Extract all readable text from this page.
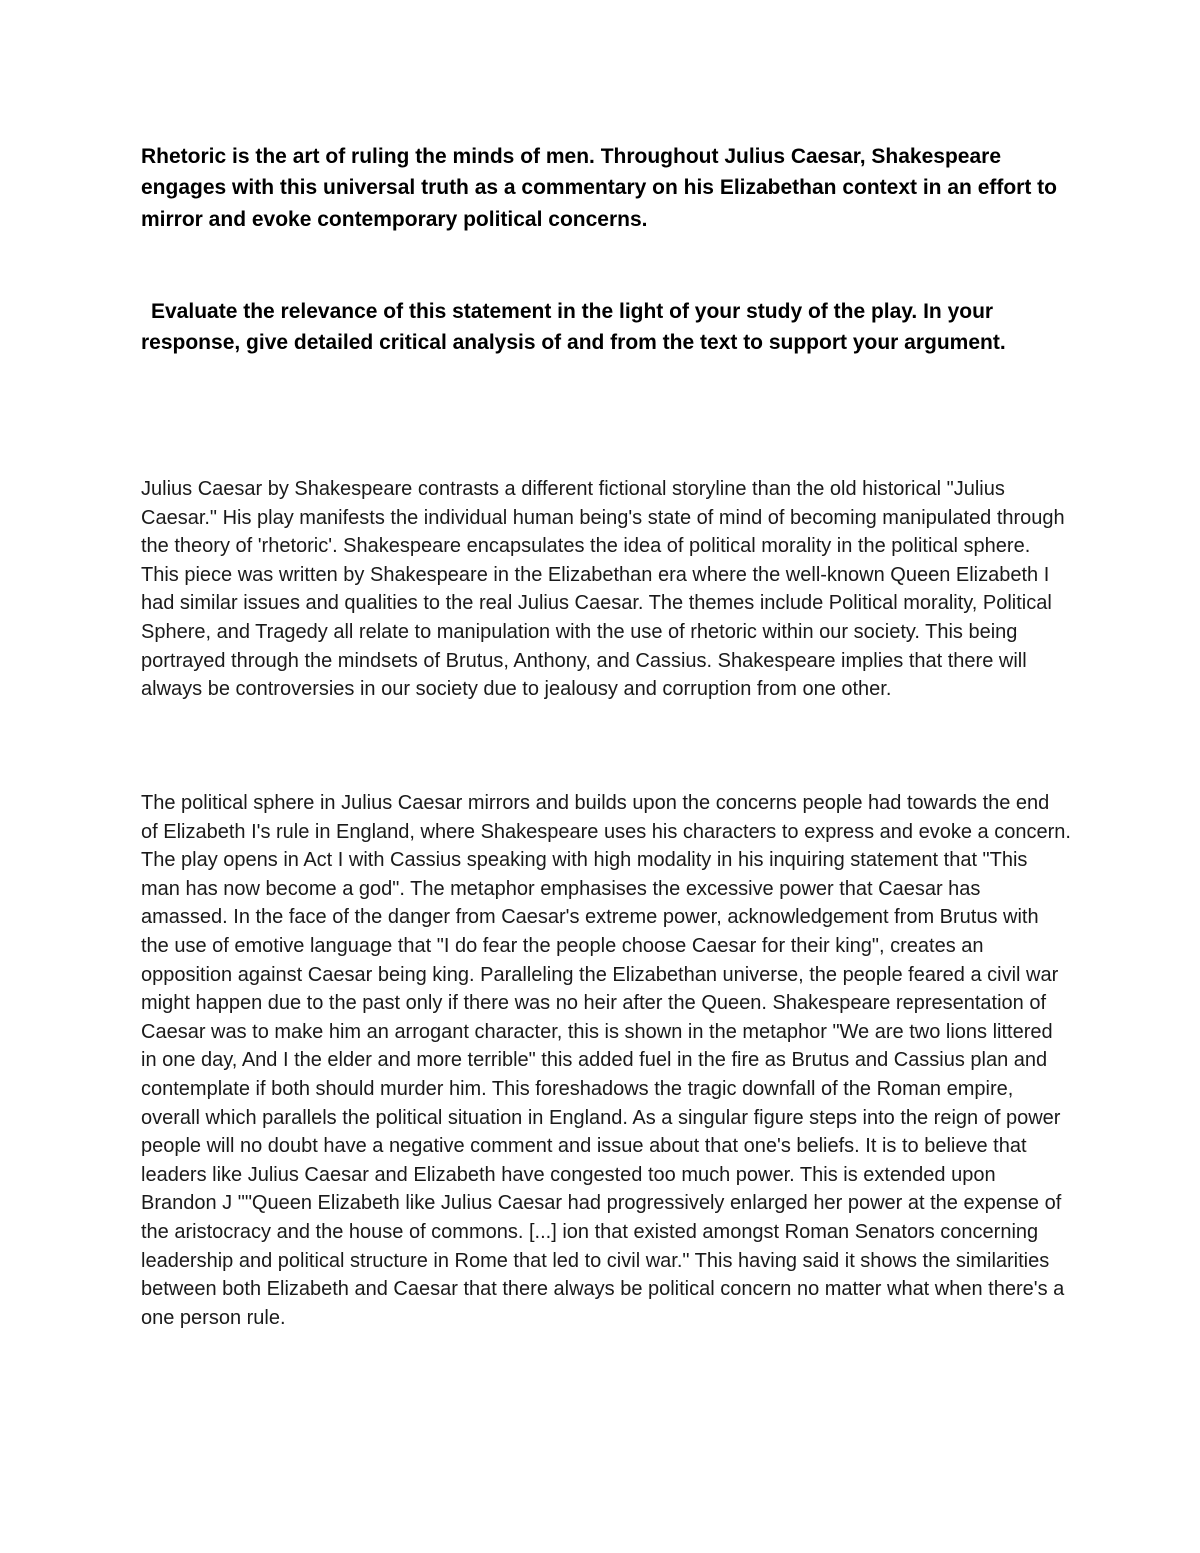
Rhetoric is the art of ruling the minds of men. Throughout Julius Caesar, Shakespeare engages with this universal truth as a commentary on his Elizabethan context in an effort to mirror and evoke contemporary political concerns.

Evaluate the relevance of this statement in the light of your study of the play. In your response, give detailed critical analysis of and from the text to support your argument.

Julius Caesar by Shakespeare contrasts a different fictional storyline than the old historical "Julius Caesar." His play manifests the individual human being's state of mind of becoming manipulated through the theory of 'rhetoric'. Shakespeare encapsulates the idea of political morality in the political sphere. This piece was written by Shakespeare in the Elizabethan era where the well-known Queen Elizabeth I had similar issues and qualities to the real Julius Caesar. The themes include Political morality, Political Sphere, and Tragedy all relate to manipulation with the use of rhetoric within our society. This being portrayed through the mindsets of Brutus, Anthony, and Cassius. Shakespeare implies that there will always be controversies in our society due to jealousy and corruption from one other.

The political sphere in Julius Caesar mirrors and builds upon the concerns people had towards the end of Elizabeth I's rule in England, where Shakespeare uses his characters to express and evoke a concern. The play opens in Act I with Cassius speaking with high modality in his inquiring statement that "This man has now become a god". The metaphor emphasises the excessive power that Caesar has amassed. In the face of the danger from Caesar's extreme power, acknowledgement from Brutus with the use of emotive language that "I do fear the people choose Caesar for their king", creates an opposition against Caesar being king. Paralleling the Elizabethan universe, the people feared a civil war might happen due to the past only if there was no heir after the Queen. Shakespeare representation of Caesar was to make him an arrogant character, this is shown in the metaphor "We are two lions littered in one day, And I the elder and more terrible" this added fuel in the fire as Brutus and Cassius plan and contemplate if both should murder him. This foreshadows the tragic downfall of the Roman empire, overall which parallels the political situation in England. As a singular figure steps into the reign of power people will no doubt have a negative comment and issue about that one's beliefs. It is to believe that leaders like Julius Caesar and Elizabeth have congested too much power. This is extended upon Brandon J ""Queen Elizabeth like Julius Caesar had progressively enlarged her power at the expense of the aristocracy and the house of commons. [...] ion that existed amongst Roman Senators concerning leadership and political structure in Rome that led to civil war." This having said it shows the similarities between both Elizabeth and Caesar that there always be political concern no matter what when there's a one person rule.
